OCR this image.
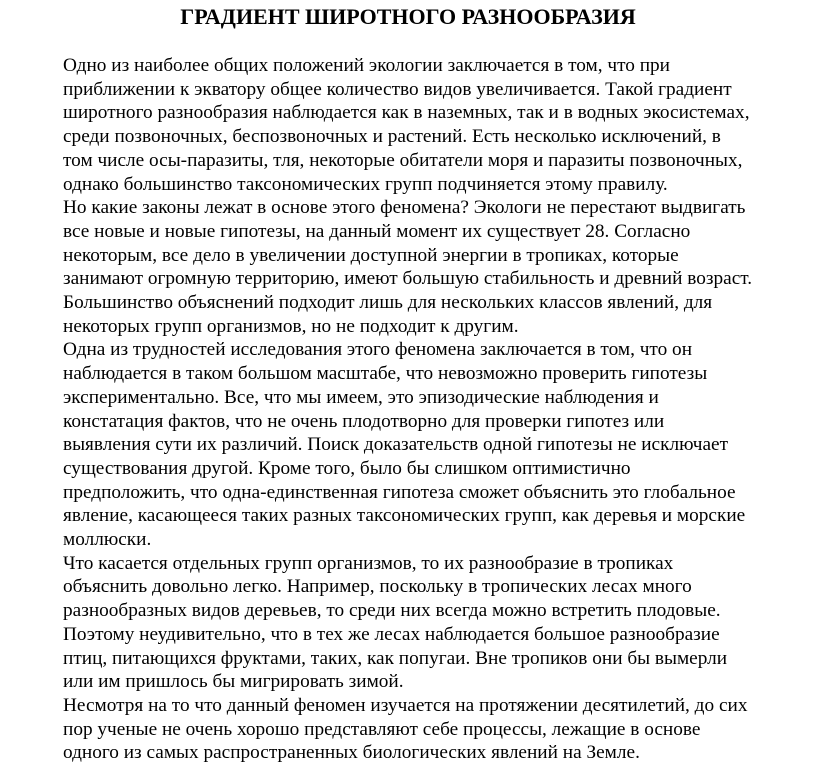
ГРАДИЕНТ ШИРОТНОГО РАЗНООБРАЗИЯ

Одно из наиболее общих положений экологии заключается в том, что при
приближении к экватору общее количество видов увеличивается. Такой градиент
широтного разнообразия наблюдается как в наземных, так и в водных экосистемах,
среди позвоночных, беспозвоночных и растений. Есть несколько исключений, в
том числе осы-паразиты, тля, некоторые обитатели моря и паразиты позвоночных,
однако большинство таксономических групп подчиняется этому правилу.

Но какие законы лежат в основе этого феномена? Экологи не перестают выдвигать
все новые и новые гипотезы, на данный момент их существует 28. Согласно
некоторым, все дело в увеличении доступной энергии в тропиках, которые
занимают огромную территорию, имеют большую стабильность и древний возраст.
Большинство объяснений подходит лишь для нескольких классов явлений, для
некоторых групп организмов, но не подходит к другим.

Одна из трудностей исследования этого феномена заключается в том, что он
наблюдается в таком большом масштабе, что невозможно проверить гипотезы
экспериментально. Все, что мы имеем, это эпизодические наблюдения и
констатация фактов, что не очень плодотворно для проверки гипотез или
выявления сути их различий. Поиск доказательств одной гипотезы не исключает
существования другой. Кроме того, было бы слишком оптимистично
предположить, что одна-единственная гипотеза сможет объяснить это глобальное
явление, касающееся таких разных таксономических групп, как деревья и морские
моллюски.

Что касается отдельных групп организмов, то их разнообразие в тропиках
объяснить довольно легко. Например, поскольку в тропических лесах много
разнообразных видов деревьев, то среди них всегда можно встретить плодовые.
Поэтому неудивительно, что в тех же лесах наблюдается большое разнообразие
птиц, питающихся фруктами, таких, как попугаи. Вне тропиков они бы вымерли
или им пришлось бы мигрировать зимой.

Несмотря на то что данный феномен изучается на протяжении десятилетий, до сих
пор ученые не очень хорошо представляют себе процессы, лежащие в основе
одного из самых распространенных биологических явлений на Земле.
